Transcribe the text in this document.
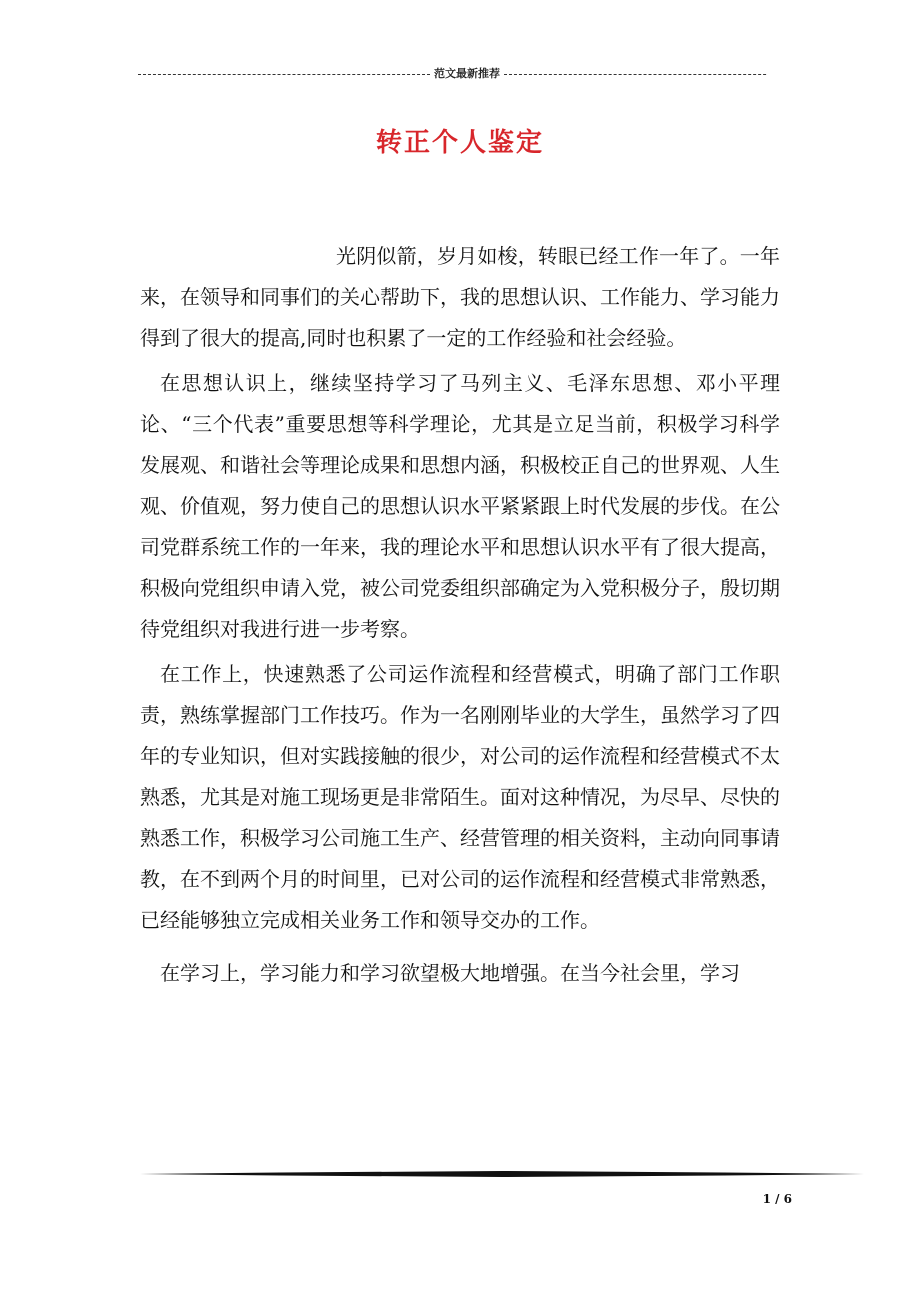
范文最新推荐
转正个人鉴定

光阴似箭，岁月如梭，转眼已经工作一年了。一年来，在领导和同事们的关心帮助下，我的思想认识、工作能力、学习能力得到了很大的提高,同时也积累了一定的工作经验和社会经验。

在思想认识上，继续坚持学习了马列主义、毛泽东思想、邓小平理论、“三个代表”重要思想等科学理论，尤其是立足当前，积极学习科学发展观、和谐社会等理论成果和思想内涵，积极校正自己的世界观、人生观、价值观，努力使自己的思想认识水平紧紧跟上时代发展的步伐。在公司党群系统工作的一年来，我的理论水平和思想认识水平有了很大提高，积极向党组织申请入党，被公司党委组织部确定为入党积极分子，殷切期待党组织对我进行进一步考察。

在工作上，快速熟悉了公司运作流程和经营模式，明确了部门工作职责，熟练掌握部门工作技巧。作为一名刚刚毕业的大学生，虽然学习了四年的专业知识，但对实践接触的很少，对公司的运作流程和经营模式不太熟悉，尤其是对施工现场更是非常陌生。面对这种情况，为尽早、尽快的熟悉工作，积极学习公司施工生产、经营管理的相关资料，主动向同事请教，在不到两个月的时间里，已对公司的运作流程和经营模式非常熟悉，已经能够独立完成相关业务工作和领导交办的工作。

在学习上，学习能力和学习欲望极大地增强。在当今社会里，学习

1 / 6
